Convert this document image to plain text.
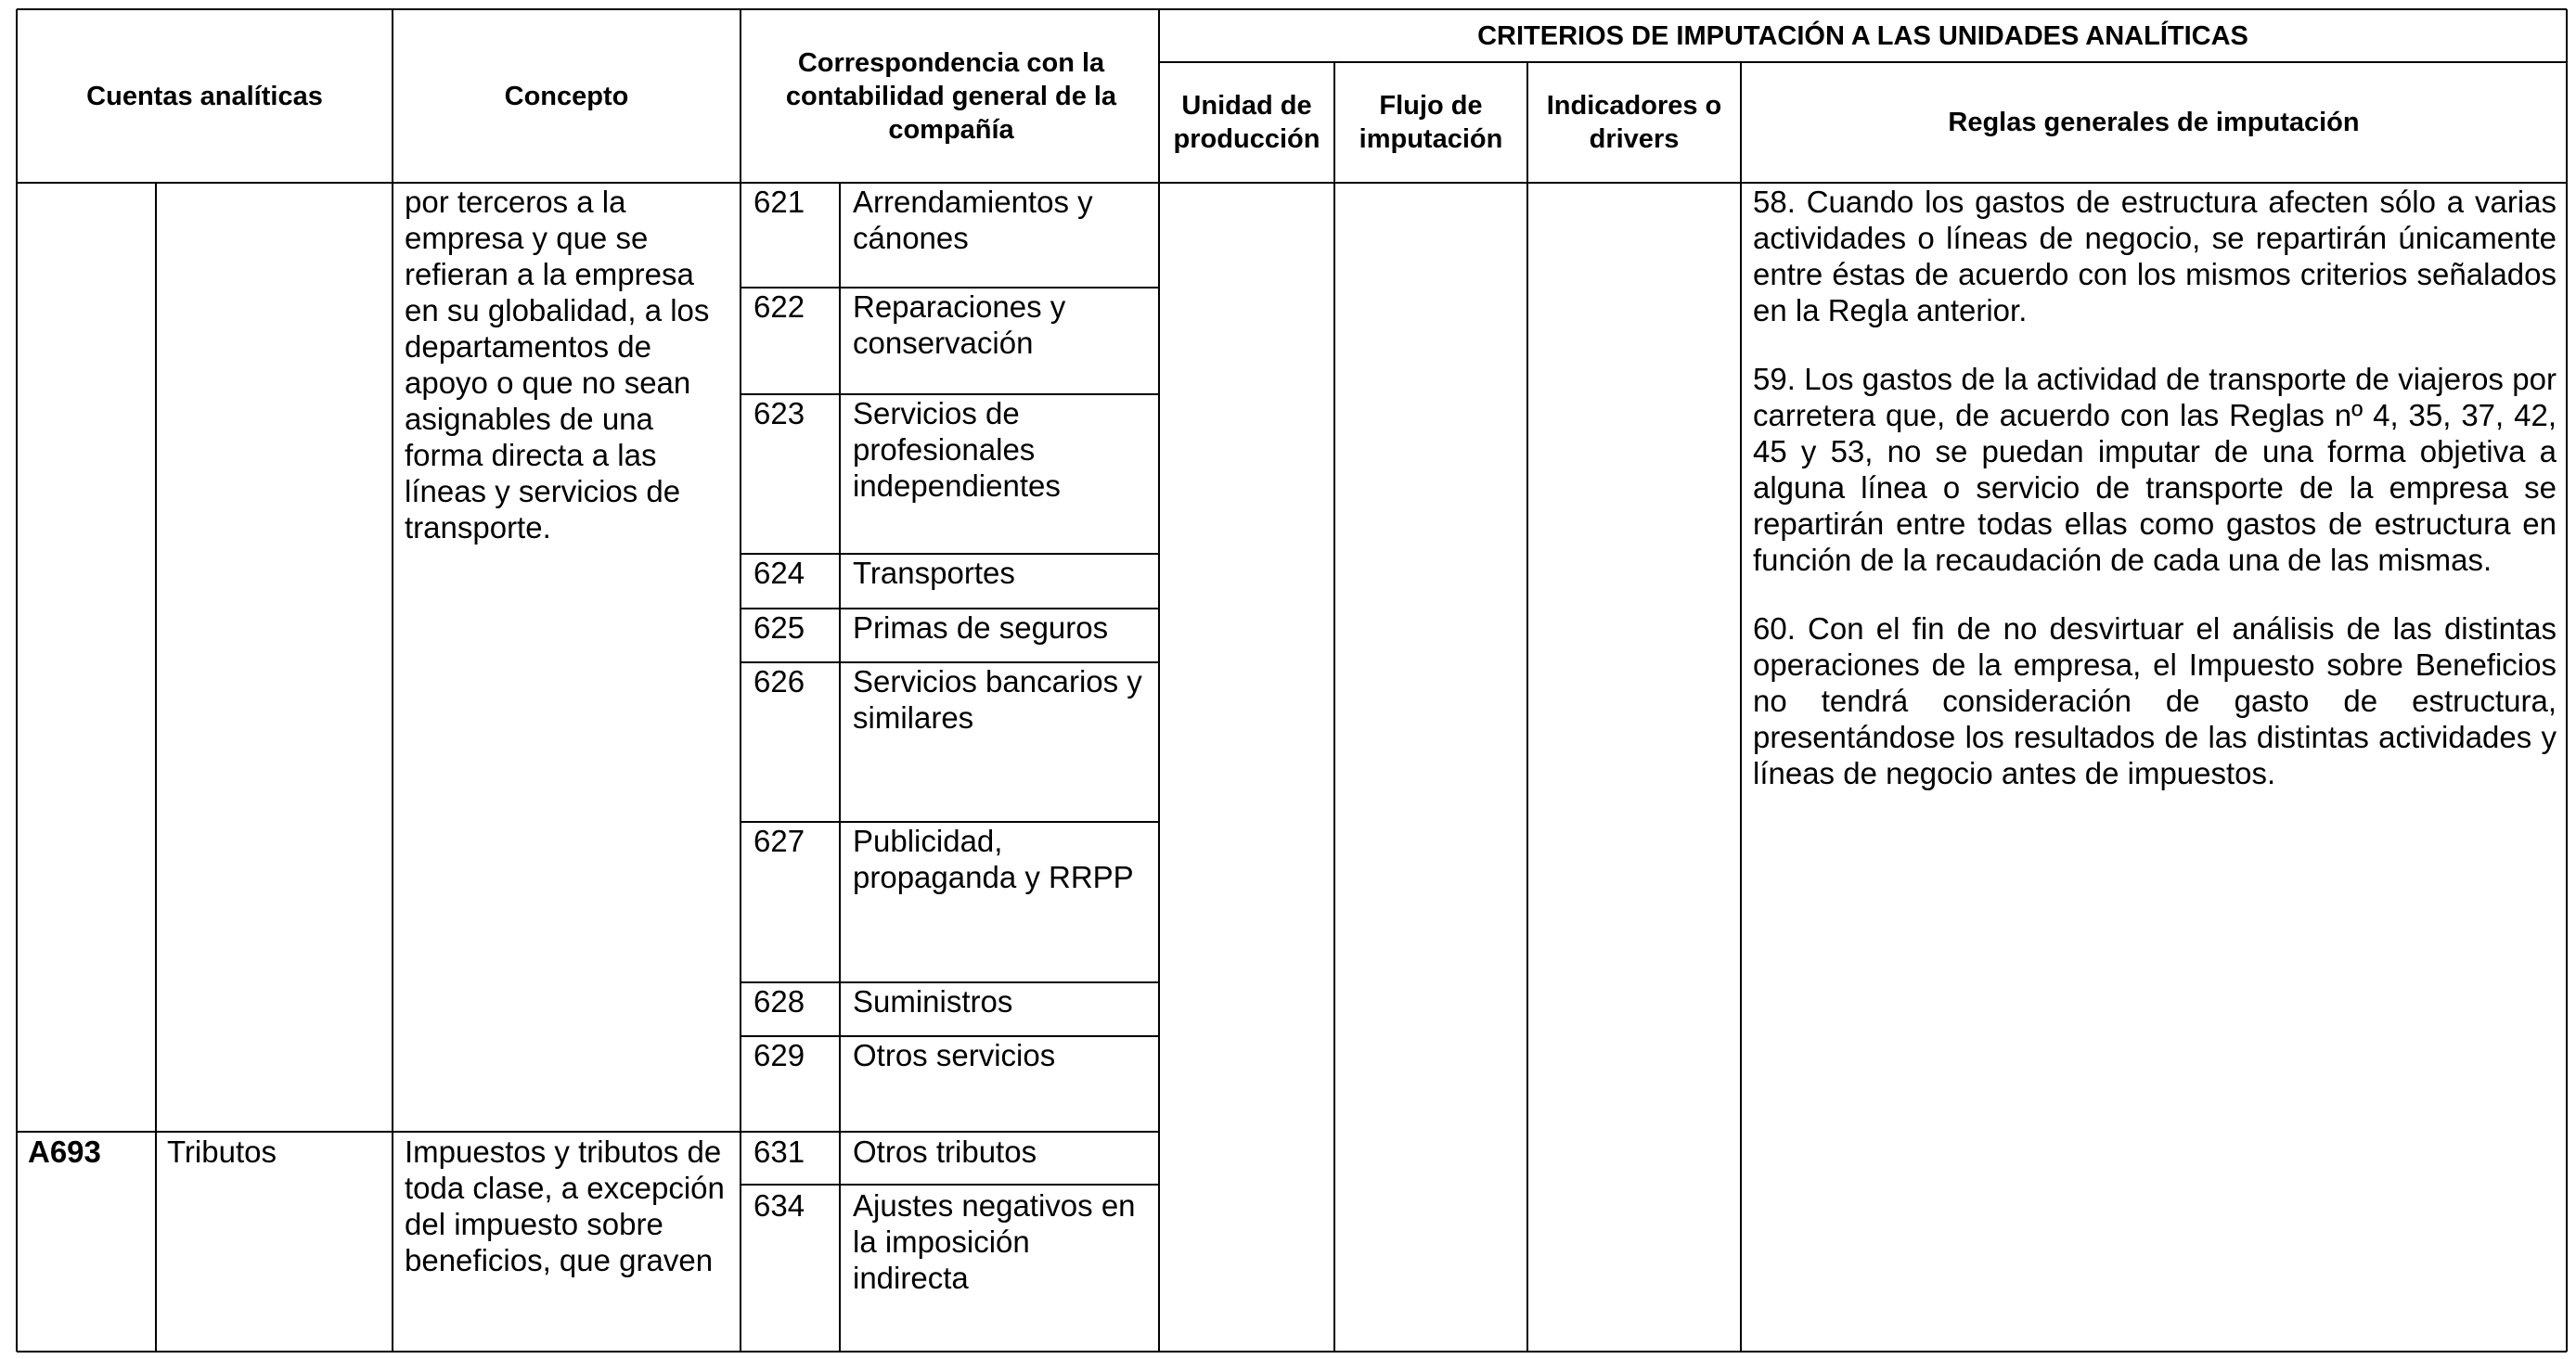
Cuentas analíticas	Concepto
Correspondencia con la contabilidad general de la compañía
CRITERIOS DE IMPUTACIÓN A LAS UNIDADES ANALÍTICAS
Unidad de producción
Flujo de imputación
Indicadores o drivers
Reglas generales de imputación
por terceros a la empresa y que se refieran a la empresa en su globalidad, a los departamentos de apoyo o que no sean asignables de una forma directa a las líneas y servicios de transporte.
621 Arrendamientos y cánones
622 Reparaciones y conservación
623 Servicios de profesionales independientes
624 Transportes
625 Primas de seguros
626 Servicios bancarios y similares
627 Publicidad, propaganda y RRPP
628 Suministros
629 Otros servicios
A693 Tributos	Impuestos y tributos de toda clase, a excepción del impuesto sobre beneficios, que graven
631 Otros tributos
634 Ajustes negativos en la imposición indirecta

58. Cuando los gastos de estructura afecten sólo a varias actividades o líneas de negocio, se repartirán únicamente entre éstas de acuerdo con los mismos criterios señalados en la Regla anterior.

59. Los gastos de la actividad de transporte de viajeros por carretera que, de acuerdo con las Reglas nº 4, 35, 37, 42, 45 y 53, no se puedan imputar de una forma objetiva a alguna línea o servicio de transporte de la empresa se repartirán entre todas ellas como gastos de estructura en función de la recaudación de cada una de las mismas.

60. Con el fin de no desvirtuar el análisis de las distintas operaciones de la empresa, el Impuesto sobre Beneficios no tendrá consideración de gasto de estructura, presentándose los resultados de las distintas actividades y líneas de negocio antes de impuestos.
